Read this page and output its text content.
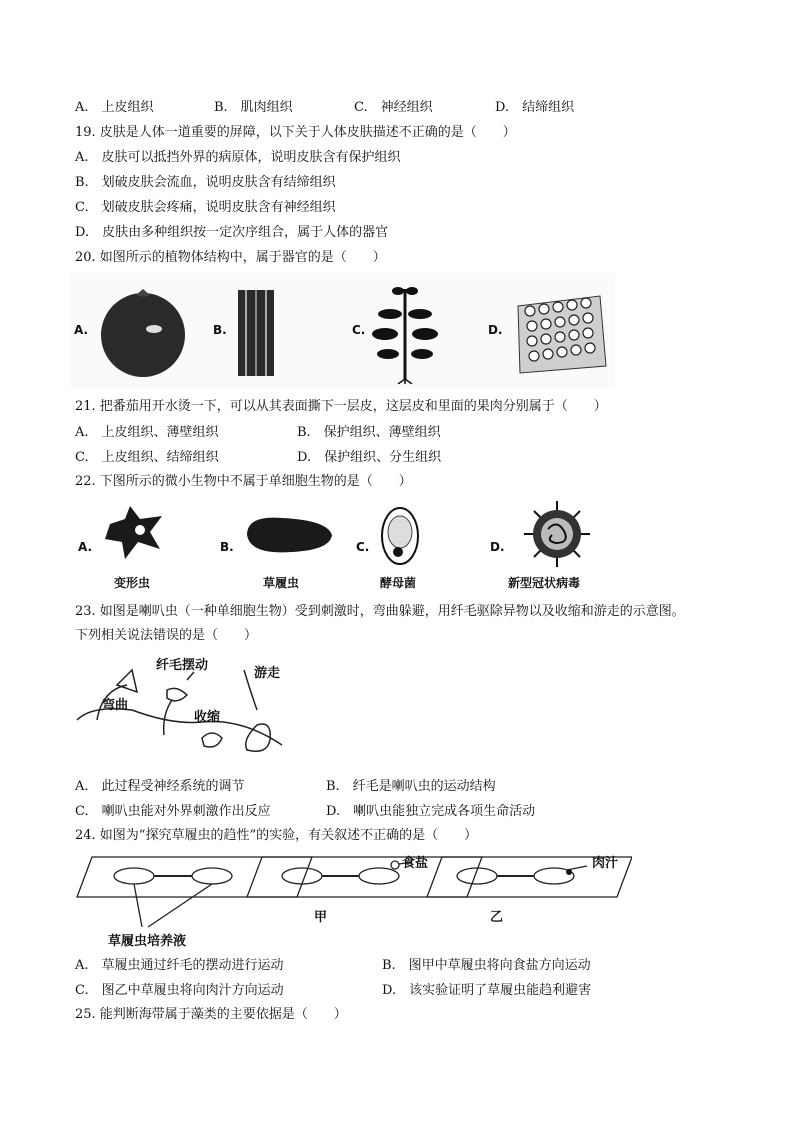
A.　上皮组织	B.　肌肉组织	C.　神经组织	D.　结缔组织
19. 皮肤是人体一道重要的屏障，以下关于人体皮肤描述不正确的是（　　）
A.　皮肤可以抵挡外界的病原体，说明皮肤含有保护组织
B.　划破皮肤会流血，说明皮肤含有结缔组织
C.　划破皮肤会疼痛，说明皮肤含有神经组织
D.　皮肤由多种组织按一定次序组合，属于人体的器官
20. 如图所示的植物体结构中，属于器官的是（　　）
A.	B.	C.	D.
21. 把番茄用开水烫一下，可以从其表面撕下一层皮，这层皮和里面的果肉分别属于（　　）
A.　上皮组织、薄壁组织	B.　保护组织、薄壁组织
C.　上皮组织、结缔组织	D.　保护组织、分生组织
22. 下图所示的微小生物中不属于单细胞生物的是（　　）
A.
变形虫
B.
草履虫
C.
酵母菌
D.
新型冠状病毒
23. 如图是喇叭虫（一种单细胞生物）受到刺激时，弯曲躲避，用纤毛驱除异物以及收缩和游走的示意图。
下列相关说法错误的是（　　）
纤毛摆动
游走
弯曲
收缩
A.　此过程受神经系统的调节	B.　纤毛是喇叭虫的运动结构
C.　喇叭虫能对外界刺激作出反应	D.　喇叭虫能独立完成各项生命活动
24. 如图为“探究草履虫的趋性”的实验，有关叙述不正确的是（　　）
食盐	肉汁
甲	乙
草履虫培养液
A.　草履虫通过纤毛的摆动进行运动	B.　图甲中草履虫将向食盐方向运动
C.　图乙中草履虫将向肉汁方向运动	D.　该实验证明了草履虫能趋利避害
25. 能判断海带属于藻类的主要依据是（　　）
